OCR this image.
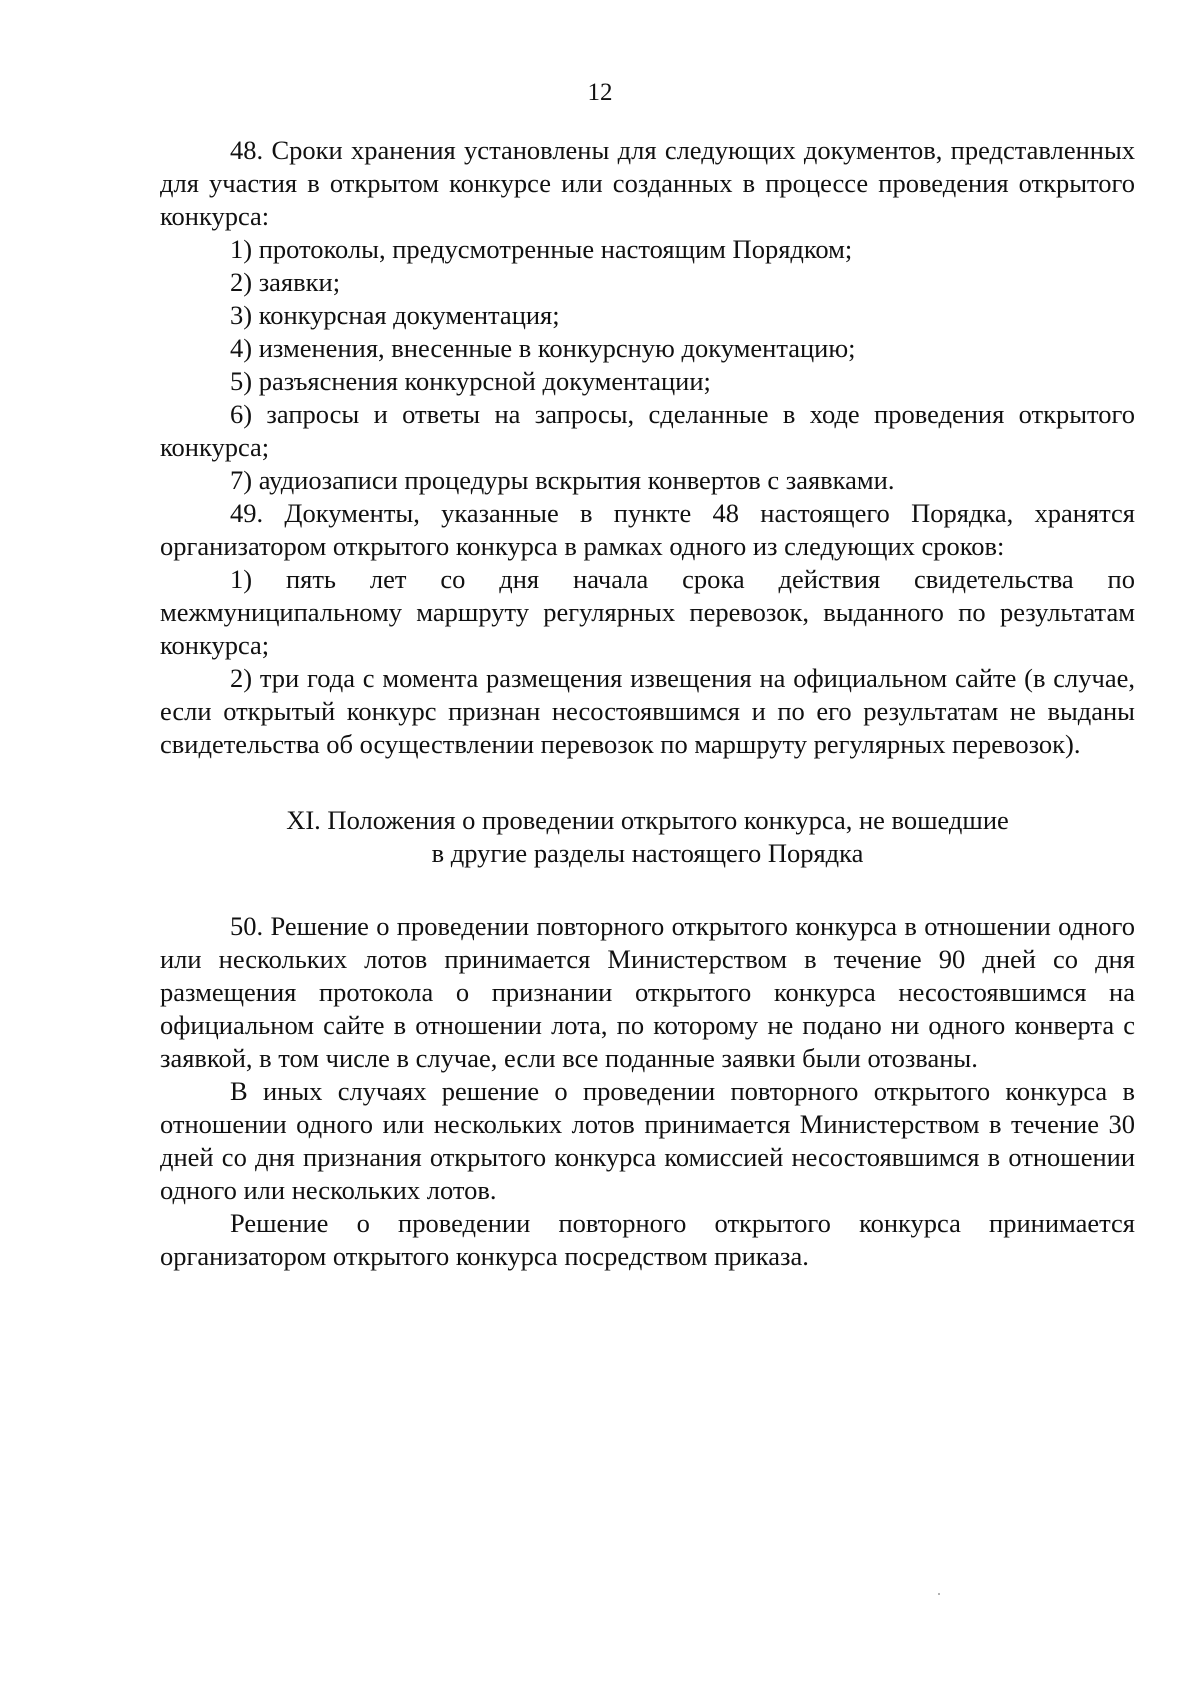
12

48. Сроки хранения установлены для следующих документов, представленных для участия в открытом конкурсе или созданных в процессе проведения открытого конкурса:

1) протоколы, предусмотренные настоящим Порядком;

2) заявки;

3) конкурсная документация;

4) изменения, внесенные в конкурсную документацию;

5) разъяснения конкурсной документации;

6) запросы и ответы на запросы, сделанные в ходе проведения открытого конкурса;

7) аудиозаписи процедуры вскрытия конвертов с заявками.

49. Документы, указанные в пункте 48 настоящего Порядка, хранятся организатором открытого конкурса в рамках одного из следующих сроков:

1) пять лет со дня начала срока действия свидетельства по межмуниципальному маршруту регулярных перевозок, выданного по результатам конкурса;

2) три года с момента размещения извещения на официальном сайте (в случае, если открытый конкурс признан несостоявшимся и по его результатам не выданы свидетельства об осуществлении перевозок по маршруту регулярных перевозок).

XI. Положения о проведении открытого конкурса, не вошедшие
в другие разделы настоящего Порядка

50. Решение о проведении повторного открытого конкурса в отношении одного или нескольких лотов принимается Министерством в течение 90 дней со дня размещения протокола о признании открытого конкурса несостоявшимся на официальном сайте в отношении лота, по которому не подано ни одного конверта с заявкой, в том числе в случае, если все поданные заявки были отозваны.

В иных случаях решение о проведении повторного открытого конкурса в отношении одного или нескольких лотов принимается Министерством в течение 30 дней со дня признания открытого конкурса комиссией несостоявшимся в отношении одного или нескольких лотов.

Решение о проведении повторного открытого конкурса принимается организатором открытого конкурса посредством приказа.
